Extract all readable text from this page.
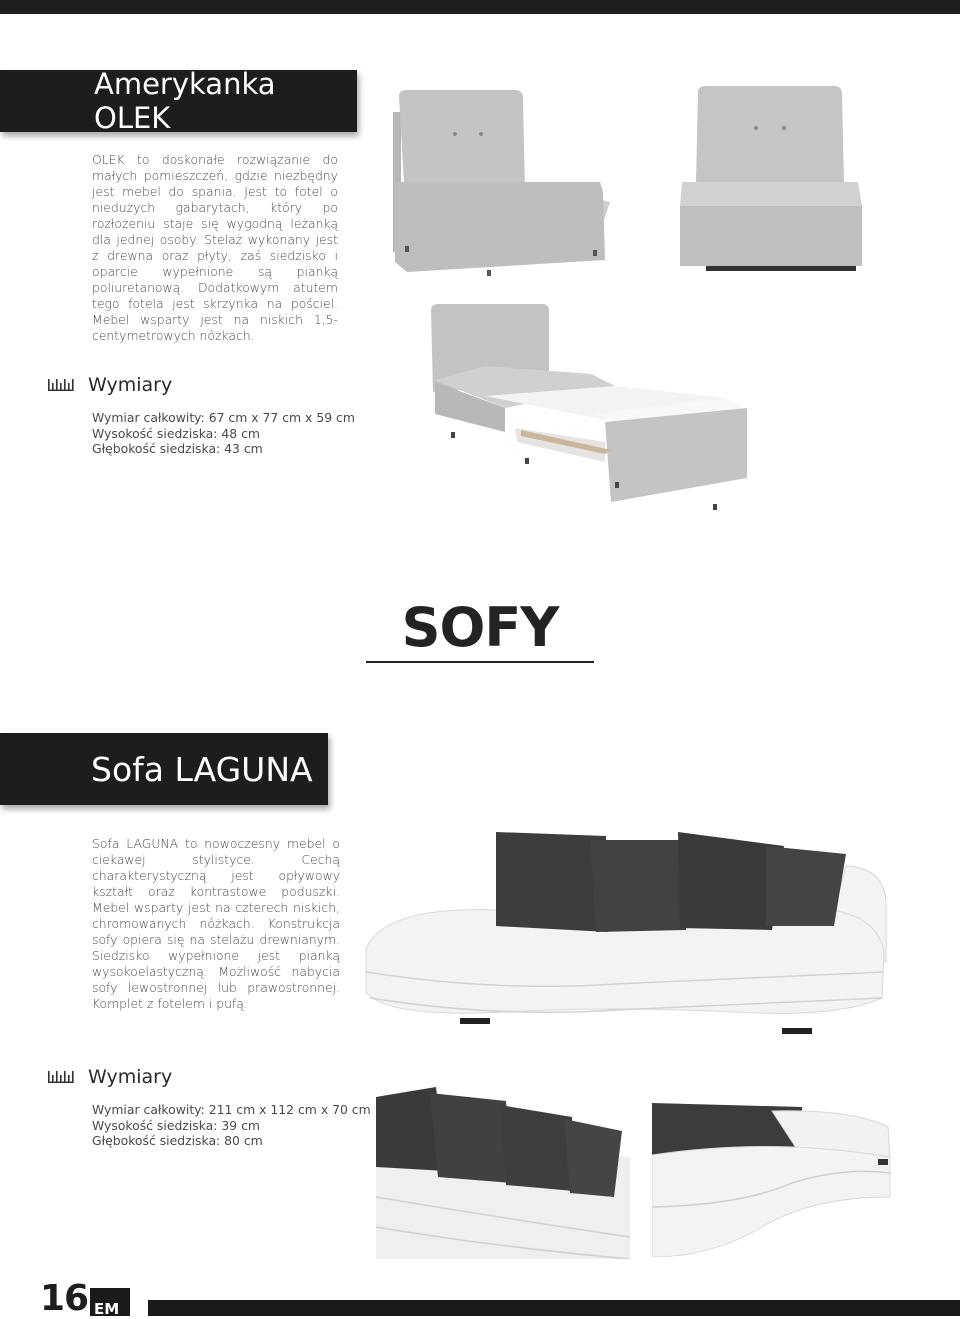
Amerykanka OLEK
OLEK to doskonałe rozwiązanie do małych pomieszczeń, gdzie niezbędny jest mebel do spania. Jest to fotel o niedużych gabarytach, który po rozłożeniu staje się wygodną leżanką dla jednej osoby. Stelaż wykonany jest z drewna oraz płyty, zaś siedzisko i oparcie wypełnione są pianką poliuretanową. Dodatkowym atutem tego fotela jest skrzynka na pościel. Mebel wsparty jest na niskich 1,5-centymetrowych nóżkach.
Wymiary
Wymiar całkowity: 67 cm x 77 cm x 59 cm
Wysokość siedziska: 48 cm
Głębokość siedziska: 43 cm
SOFY
Sofa LAGUNA
Sofa LAGUNA to nowoczesny mebel o ciekawej stylistyce. Cechą charakterystyczną jest opływowy kształt oraz kontrastowe poduszki. Mebel wsparty jest na czterech niskich, chromowanych nóżkach. Konstrukcja sofy opiera się na stelażu drewnianym. Siedzisko wypełnione jest pianką wysokoelastyczną. Możliwość nabycia sofy lewostronnej lub prawostronnej. Komplet z fotelem i pufą.
Wymiary
Wymiar całkowity: 211 cm x 112 cm x 70 cm
Wysokość siedziska: 39 cm
Głębokość siedziska: 80 cm
16 EM
